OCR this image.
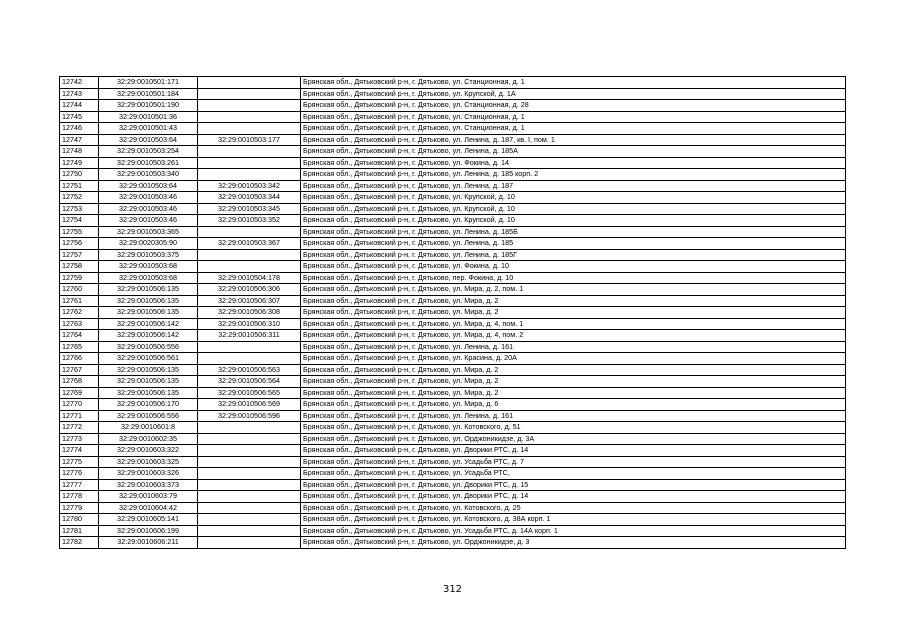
12742	32:29:0010501:171		Брянская обл., Дятьковский р-н, г. Дятьково, ул. Станционная, д. 1
12743	32:29:0010501:184		Брянская обл., Дятьковский р-н, г. Дятьково, ул. Крупской, д. 1А
12744	32:29:0010501:190		Брянская обл., Дятьковский р-н, г. Дятьково, ул. Станционная, д. 28
12745	32:29:0010501:36		Брянская обл., Дятьковский р-н, г. Дятьково, ул. Станционная, д. 1
12746	32:29:0010501:43		Брянская обл., Дятьковский р-н, г. Дятьково, ул. Станционная, д. 1
12747	32:29:0010503:64	32:29:0010503:177	Брянская обл., Дятьковский р-н, г. Дятьково, ул. Ленина, д. 187, кв. I, пом. 1
12748	32:29:0010503:254		Брянская обл., Дятьковский р-н, г. Дятьково, ул. Ленина, д. 185А
12749	32:29:0010503:261		Брянская обл., Дятьковский р-н, г. Дятьково, ул. Фокина, д. 14
12750	32:29:0010503:340		Брянская обл., Дятьковский р-н, г. Дятьково, ул. Ленина, д. 185 корп. 2
12751	32:29:0010503:64	32:29:0010503:342	Брянская обл., Дятьковский р-н, г. Дятьково, ул. Ленина, д. 187
12752	32:29:0010503:46	32:29:0010503:344	Брянская обл., Дятьковский р-н, г. Дятьково, ул. Крупской, д. 10
12753	32:29:0010503:46	32:29:0010503:345	Брянская обл., Дятьковский р-н, г. Дятьково, ул. Крупской, д. 10
12754	32:29:0010503:46	32:29:0010503:352	Брянская обл., Дятьковский р-н, г. Дятьково, ул. Крупской, д. 10
12755	32:29:0010503:365		Брянская обл., Дятьковский р-н, г. Дятьково, ул. Ленина, д. 185Б
12756	32:29:0020305:90	32:29:0010503:367	Брянская обл., Дятьковский р-н, г. Дятьково, ул. Ленина, д. 185
12757	32:29:0010503:375		Брянская обл., Дятьковский р-н, г. Дятьково, ул. Ленина, д. 185Г
12758	32:29:0010503:68		Брянская обл., Дятьковский р-н, г. Дятьково, ул. Фокина, д. 10
12759	32:29:0010503:68	32:29:0010504:178	Брянская обл., Дятьковский р-н, г. Дятьково, пер. Фокина, д. 10
12760	32:29:0010506:135	32:29:0010506:306	Брянская обл., Дятьковский р-н, г. Дятьково, ул. Мира, д. 2, пом. 1
12761	32:29:0010506:135	32:29:0010506:307	Брянская обл., Дятьковский р-н, г. Дятьково, ул. Мира, д. 2
12762	32:29:0010506:135	32:29:0010506:308	Брянская обл., Дятьковский р-н, г. Дятьково, ул. Мира, д. 2
12763	32:29:0010506:142	32:29:0010506:310	Брянская обл., Дятьковский р-н, г. Дятьково, ул. Мира, д. 4, пом. 1
12764	32:29:0010506:142	32:29:0010506:311	Брянская обл., Дятьковский р-н, г. Дятьково, ул. Мира, д. 4, пом. 2
12765	32:29:0010506:556		Брянская обл., Дятьковский р-н, г. Дятьково, ул. Ленина, д. 161
12766	32:29:0010506:561		Брянская обл., Дятьковский р-н, г. Дятьково, ул. Красина, д. 20А
12767	32:29:0010506:135	32:29:0010506:563	Брянская обл., Дятьковский р-н, г. Дятьково, ул. Мира, д. 2
12768	32:29:0010506:135	32:29:0010506:564	Брянская обл., Дятьковский р-н, г. Дятьково, ул. Мира, д. 2
12769	32:29:0010506:135	32:29:0010506:565	Брянская обл., Дятьковский р-н, г. Дятьково, ул. Мира, д. 2
12770	32:29:0010506:170	32:29:0010506:569	Брянская обл., Дятьковский р-н, г. Дятьково, ул. Мира, д. 6
12771	32:29:0010506:556	32:29:0010506:596	Брянская обл., Дятьковский р-н, г. Дятьково, ул. Ленина, д. 161
12772	32:29:0010601:8		Брянская обл., Дятьковский р-н, г. Дятьково, ул. Котовского, д. 51
12773	32:29:0010602:35		Брянская обл., Дятьковский р-н, г. Дятьково, ул. Орджоникидзе, д. 3А
12774	32:29:0010603:322		Брянская обл., Дятьковский р-н, г. Дятьково, ул. Дворики РТС, д. 14
12775	32:29:0010603:325		Брянская обл., Дятьковский р-н, г. Дятьково, ул. Усадьба РТС, д. 7
12776	32:29:0010603:326		Брянская обл., Дятьковский р-н, г. Дятьково, ул. Усадьба РТС,
12777	32:29:0010603:373		Брянская обл., Дятьковский р-н, г. Дятьково, ул. Дворики РТС, д. 15
12778	32:29:0010603:79		Брянская обл., Дятьковский р-н, г. Дятьково, ул. Дворики РТС, д. 14
12779	32:29:0010604:42		Брянская обл., Дятьковский р-н, г. Дятьково, ул. Котовского, д. 25
12780	32:29:0010605:141		Брянская обл., Дятьковский р-н, г. Дятьково, ул. Котовского, д. 38А корп. 1
12781	32:29:0010606:199		Брянская обл., Дятьковский р-н, г. Дятьково, ул. Усадьба РТС, д. 14А корп. 1
12782	32:29:0010606:211		Брянская обл., Дятьковский р-н, г. Дятьково, ул. Орджоникидзе, д. 3
312
